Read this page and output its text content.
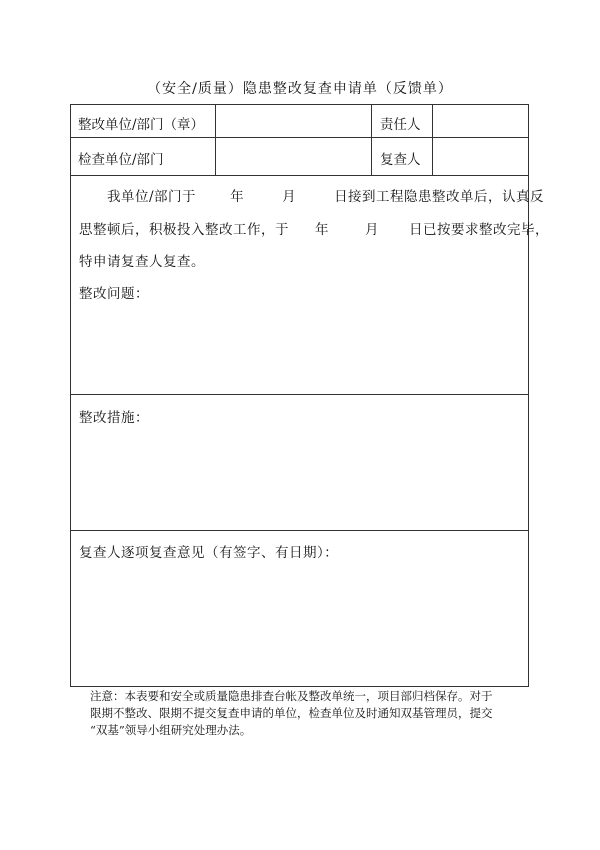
（安全/质量）隐患整改复查申请单（反馈单）
整改单位/部门（章）	责任人
检查单位/部门	复查人
我单位/部门于	年	月	日接到工程隐患整改单后，认真反
思整顿后，积极投入整改工作，于 年	月 日已按要求整改完毕，
特申请复查人复查。
整改问题：
整改措施：
复查人逐项复查意见（有签字、有日期）：
注意：本表要和安全或质量隐患排查台帐及整改单统一，项目部归档保存。对于
限期不整改、限期不提交复查申请的单位，检查单位及时通知双基管理员，提交
“双基”领导小组研究处理办法。
